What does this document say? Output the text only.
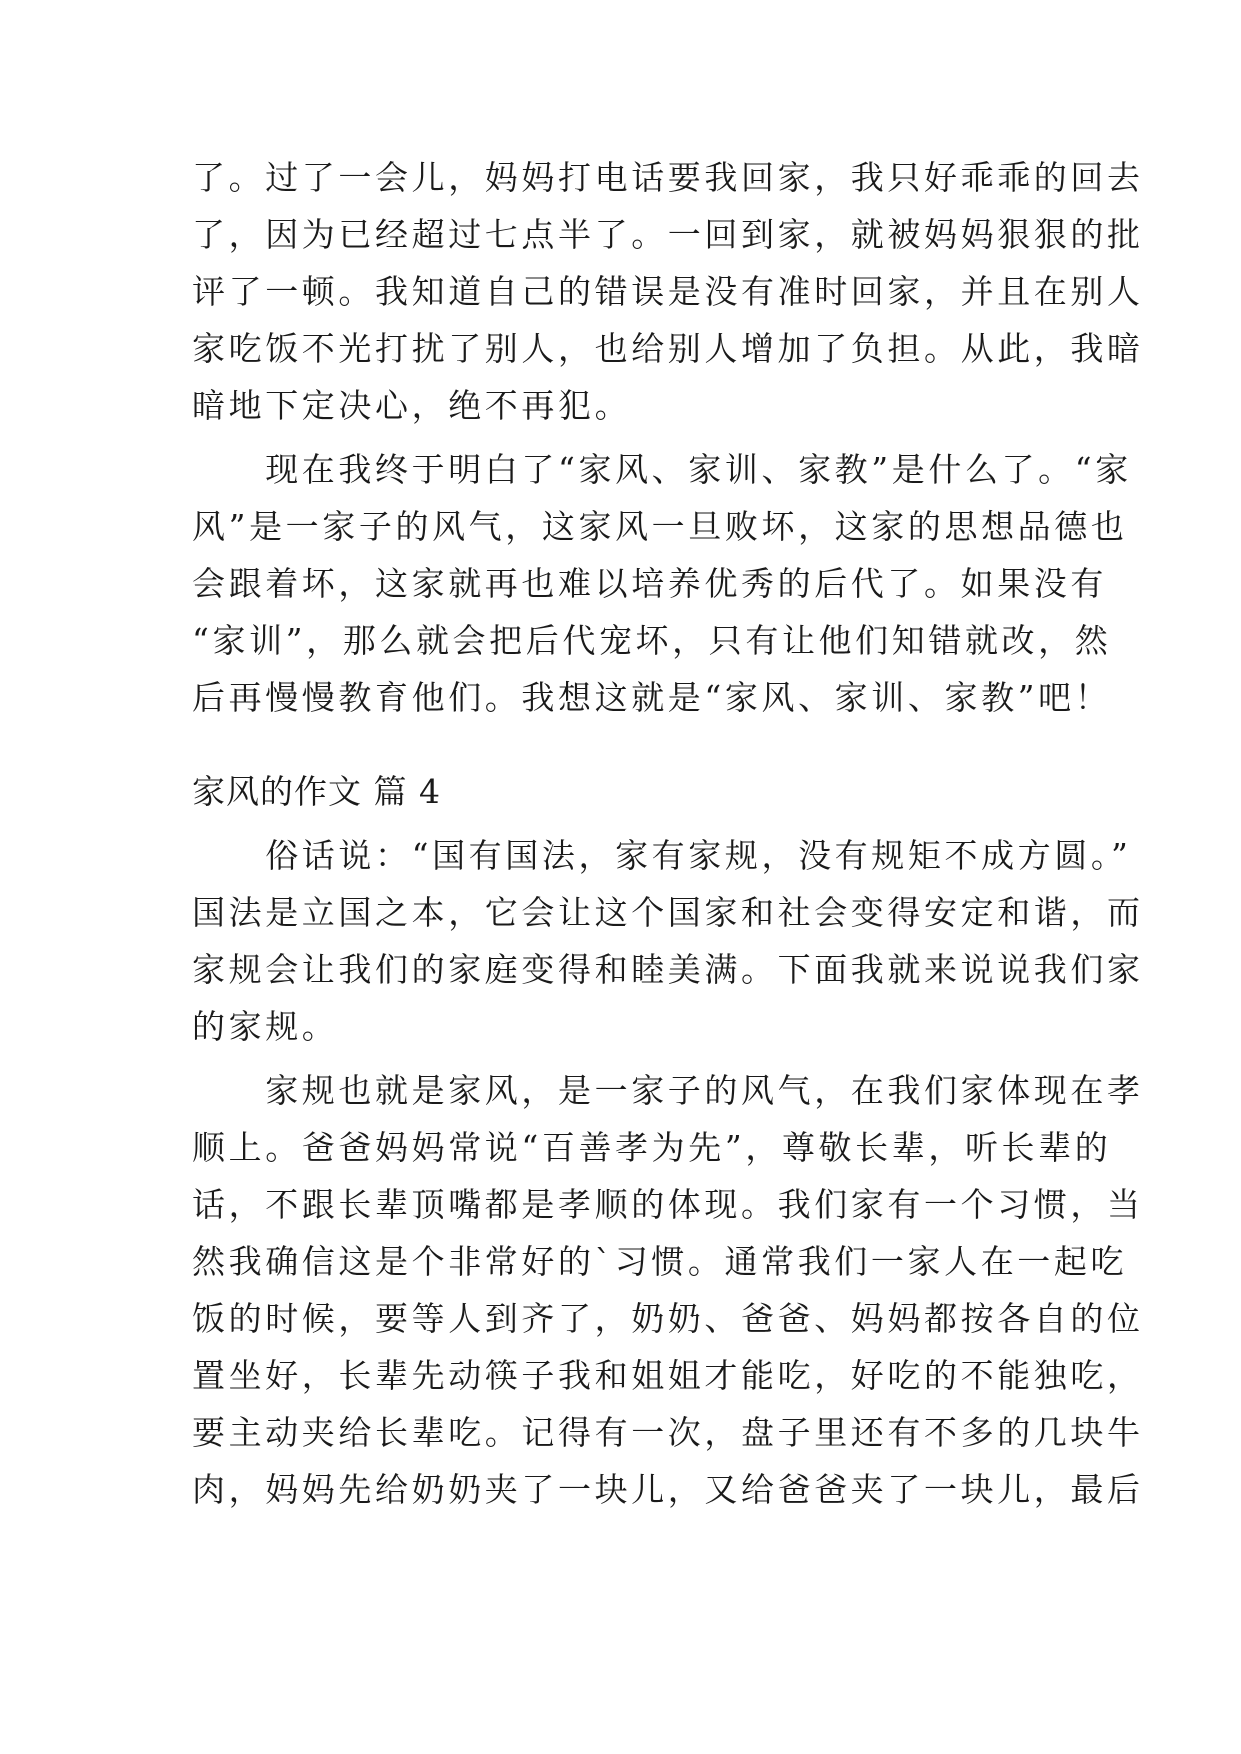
了。过了一会儿，妈妈打电话要我回家，我只好乖乖的回去

了，因为已经超过七点半了。一回到家，就被妈妈狠狠的批

评了一顿。我知道自己的错误是没有准时回家，并且在别人

家吃饭不光打扰了别人，也给别人增加了负担。从此，我暗

暗地下定决心，绝不再犯。

　　现在我终于明白了“家风、家训、家教”是什么了。“家

风”是一家子的风气，这家风一旦败坏，这家的思想品德也

会跟着坏，这家就再也难以培养优秀的后代了。如果没有

“家训”，那么就会把后代宠坏，只有让他们知错就改，然

后再慢慢教育他们。我想这就是“家风、家训、家教”吧！

家风的作文 篇 4

　　俗话说：“国有国法，家有家规，没有规矩不成方圆。”

国法是立国之本，它会让这个国家和社会变得安定和谐，而

家规会让我们的家庭变得和睦美满。下面我就来说说我们家

的家规。

　　家规也就是家风，是一家子的风气，在我们家体现在孝

顺上。爸爸妈妈常说“百善孝为先”，尊敬长辈，听长辈的

话，不跟长辈顶嘴都是孝顺的体现。我们家有一个习惯，当

然我确信这是个非常好的`习惯。通常我们一家人在一起吃

饭的时候，要等人到齐了，奶奶、爸爸、妈妈都按各自的位

置坐好，长辈先动筷子我和姐姐才能吃，好吃的不能独吃，

要主动夹给长辈吃。记得有一次，盘子里还有不多的几块牛

肉，妈妈先给奶奶夹了一块儿，又给爸爸夹了一块儿，最后
